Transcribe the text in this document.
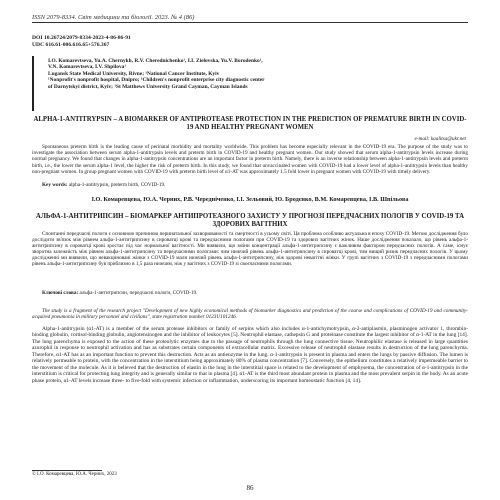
ISSN 2079-8334. Світ медицини та біології. 2023. № 4 (86)
DOI 10.26724/2079-8334-2023-4-86-86-91
UDC 616.61-006.616.65+576.367
I.O. Komarevtseva, Yu.A. Chernykh, R.V. Cherednichenko¹, I.I. Zielovska, Yu.V. Borodenko¹,
V.N. Komarevtseva, I.V. Shpilova¹
Lugansk State Medical University, Rivne; ¹National Cancer Institute, Kyiv
¹Nonprofit's nonprofit hospital, Dnipro; ¹Children's nonprofit enterprise city diagnostic center
of Darnytskyi district, Kyiv; ¹St Matthews University Grand Cayman, Cayman Islands
ALPHA-1-ANTITRYPSIN – A BIOMARKER OF ANTIPROTEASE PROTECTION IN THE PREDICTION OF PREMATURE BIRTH IN COVID-19 AND HEALTHY PREGNANT WOMEN
e-mail: kaalitsa@ukr.net
Spontaneous preterm birth is the leading cause of perinatal morbidity and mortality worldwide. This problem has become especially relevant in the COVID-19 era. The purpose of the study was to investigate the association between serum alpha-1-antitrypsin levels and preterm birth in COVID-19 and healthy pregnant women. Our study showed that serum alpha-1-antitrypsin levels increase during normal pregnancy. We found that changes in alpha-1-antitrypsin concentrations are an important factor in preterm birth. Namely, there is an inverse relationship between alpha-1-antitrypsin levels and preterm birth, i.e., the lower the serum alpha-1 level, the higher the risk of preterm birth. In this study, we found that unvaccinated women with COVID-19 had a lower level of alpha-1-antitrypsin levels than healthy non-pregnant women. In group pregnant women with COVID-19 with preterm birth level of α1-AT was approximately 1.5 fold lower in pregnant women with COVID-19 with timely delivery.
Key words: alpha-1-antitrypsin, preterm birth, COVID-19.
І.О. Комаревцева, Ю.А. Черних, Р.В. Чередніченко, І.І. Зельовий, Ю. Бродєнко, В.М. Комаревцева, І.В. Шпільова
АЛЬФА-1-АНТИТРИПСИН – БІОМАРКЕР АНТИПРОТЕАЗНОГО ЗАХИСТУ У ПРОГНОЗІ ПЕРЕДЧАСНИХ ПОЛОГІВ У COVID-19 ТА ЗДОРОВИХ ВАГІТНИХ
Спонтанні передчасні пологи є основною причиною перинатальної захворюваності та смертності в усьому світі. Ця проблема особливо актуальна в епоху COVID-19. Метою дослідження було дослідити зв'язок між рівнем альфа-1-антитрипсину в сироватці крові та передчасними пологами при COVID-19 та здорових вагітних жінок. Наше дослідження показало, що рівень альфа-1-антитрипсину в сироватці крові зростає під час нормальної вагітності. Ми виявили, що зміни концентрації альфа-1-антитрипсину є важливим фактором передчасних пологів. А саме, існує зворотна залежність між рівнем альфа-1-антитрипсину та передчасними пологами: чим нижчий рівень альфа-1-антитрипсину в сироватці крові, тим вищий ризик передчасних пологів. У цьому дослідженні ми виявили, що невакциновані жінки з COVID-19 мали нижчий рівень альфа-1-антитрипсину, ніж здорові невагітні жінки. У групі вагітних з COVID-19 з передчасними пологами рівень альфа-1-антитрипсину був приблизно в 1,5 раза нижчим, ніж у вагітних з COVID-19 зі своєчасними пологами.
Ключові слова: альфа-1-антитрипсин, передчасні пологи, COVID-19.
The study is a fragment of the research project "Development of new highly economical methods of biomarker diagnostics and prediction of the course and complications of COVID-19 and community-acquired pneumonia in military personnel and civilians", state registration number 0123U101246.
Alpha-1-antitrypsin (α1-AT) is a member of the serum protease inhibitors or family of serpins which also includes α-1-antichymotrypsin, α-2-antiplasmin, plasminogen activator 1, thrombin-binding globulin, cortisol-binding globulin, angiotensinogen and the inhibitor of leukocytes [5]. Neutrophil elastase, cathepsin G and proteinase constitute the largest inhibitor of α-1-AT in the lung [14]. The lung parenchyma is exposed to the action of these proteolytic enzymes due to the passage of neutrophils through the lung connective tissue. Neutrophilic elastase is released in large quantities azurophil in response to neutrophil activation and has as substrates certain components of extracellular matrix. Excessive release of neutrophil elastase results in destruction of the lung parenchyma. Therefore, α1-AT has as an important function to prevent this destruction. Acts as an antienzyme in the lung. α-1-antitrypsin is present in plasma and enters the lungs by passive diffusion. The lumen is relatively permeable to protein, with the concentration in the interstitium being approximately 80% of plasma concentration [7]. Conversely, the epithelium constitutes a relatively impermeable barrier to the movement of the molecule. As it is believed that the destruction of elastin in the lung in the interstitial space is related to the development of emphysema, the concentration of α-1-antitrypsin in the interstitium is critical for protecting lung integrity and is generally similar to that in plasma [4]. α1-AT is the third most abundant protein in plasma and the most prevalent serpin in the body. As an acute phase protein, α1-AT levels increase three- to five-fold with systemic infection or inflammation, underscoring its important homeostatic function [4, 14].
© І.О. Комаревцева, Ю.А. Черних, 2023
86
